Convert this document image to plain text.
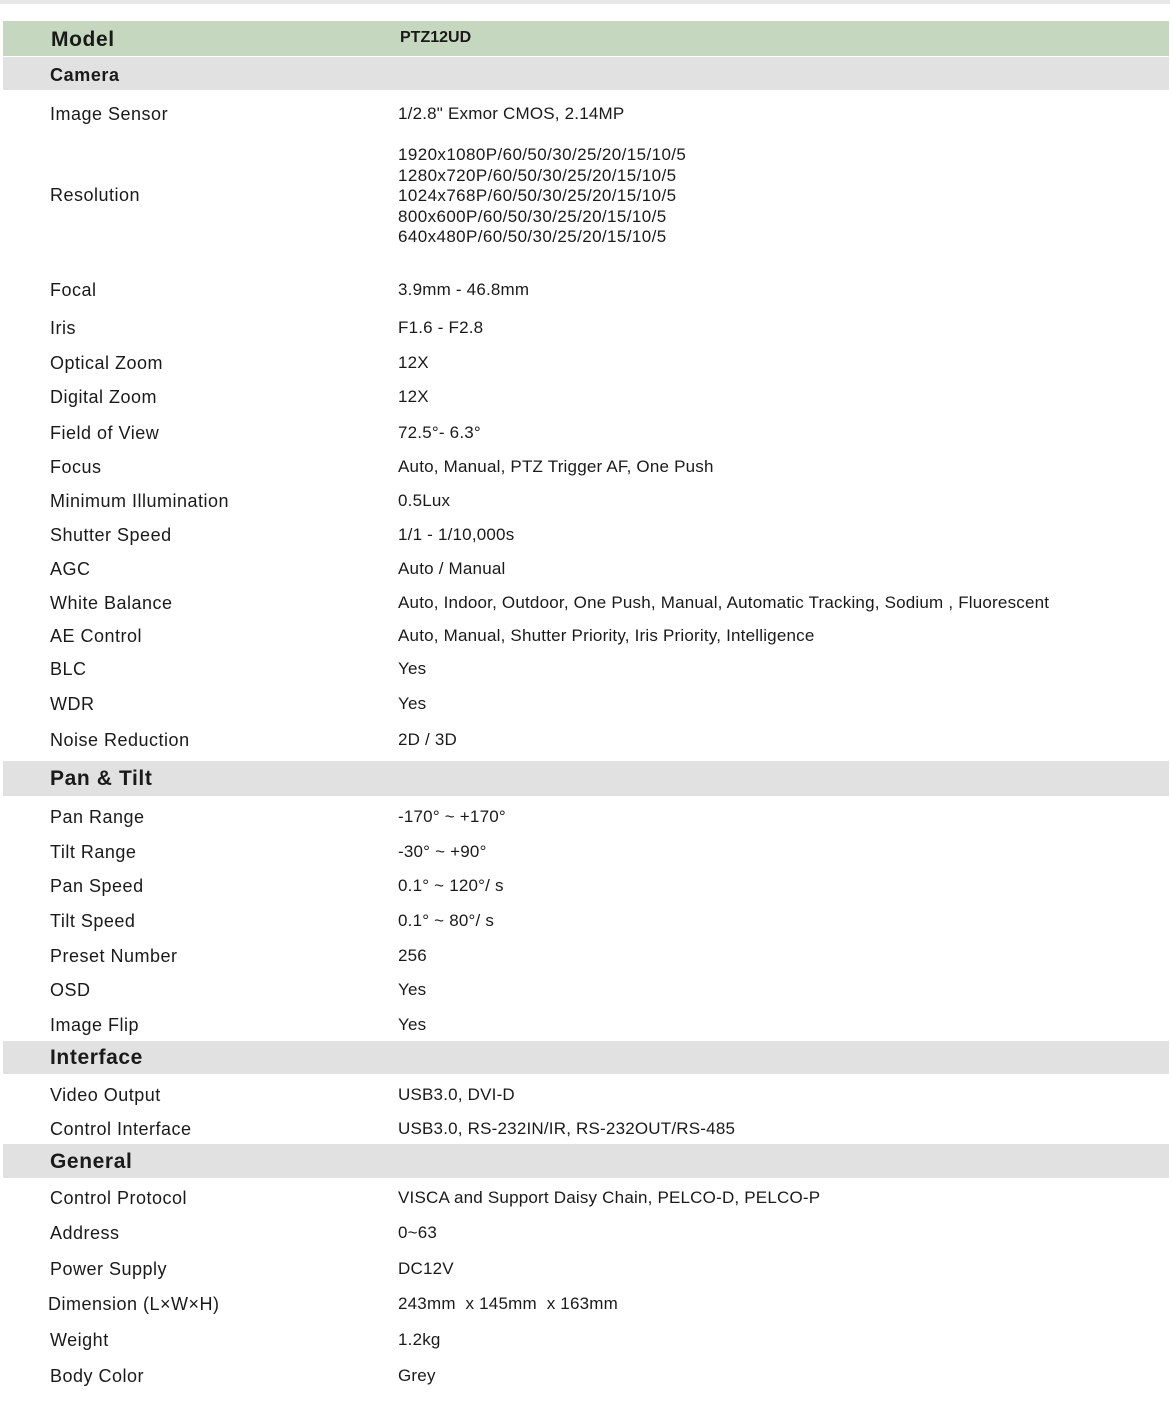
Model	PTZ12UD
Camera
Image Sensor	1/2.8" Exmor CMOS, 2.14MP
Resolution
1920x1080P/60/50/30/25/20/15/10/5
1280x720P/60/50/30/25/20/15/10/5
1024x768P/60/50/30/25/20/15/10/5
800x600P/60/50/30/25/20/15/10/5
640x480P/60/50/30/25/20/15/10/5
Focal	3.9mm - 46.8mm
Iris	F1.6 - F2.8
Optical Zoom	12X
Digital Zoom	12X
Field of View	72.5°- 6.3°
Focus	Auto, Manual, PTZ Trigger AF, One Push
Minimum Illumination	0.5Lux
Shutter Speed	1/1 - 1/10,000s
AGC	Auto / Manual
White Balance	Auto, Indoor, Outdoor, One Push, Manual, Automatic Tracking, Sodium , Fluorescent
AE Control	Auto, Manual, Shutter Priority, Iris Priority, Intelligence
BLC	Yes
WDR	Yes
Noise Reduction	2D / 3D
Pan & Tilt
Pan Range	-170° ~ +170°
Tilt Range	-30° ~ +90°
Pan Speed	0.1° ~ 120°/ s
Tilt Speed	0.1° ~ 80°/ s
Preset Number	256
OSD	Yes
Image Flip	Yes
Interface
Video Output	USB3.0, DVI-D
Control Interface	USB3.0, RS-232IN/IR, RS-232OUT/RS-485
General
Control Protocol	VISCA and Support Daisy Chain, PELCO-D, PELCO-P
Address	0~63
Power Supply	DC12V
Dimension (L×W×H)	243mm  x 145mm  x 163mm
Weight	1.2kg
Body Color	Grey
